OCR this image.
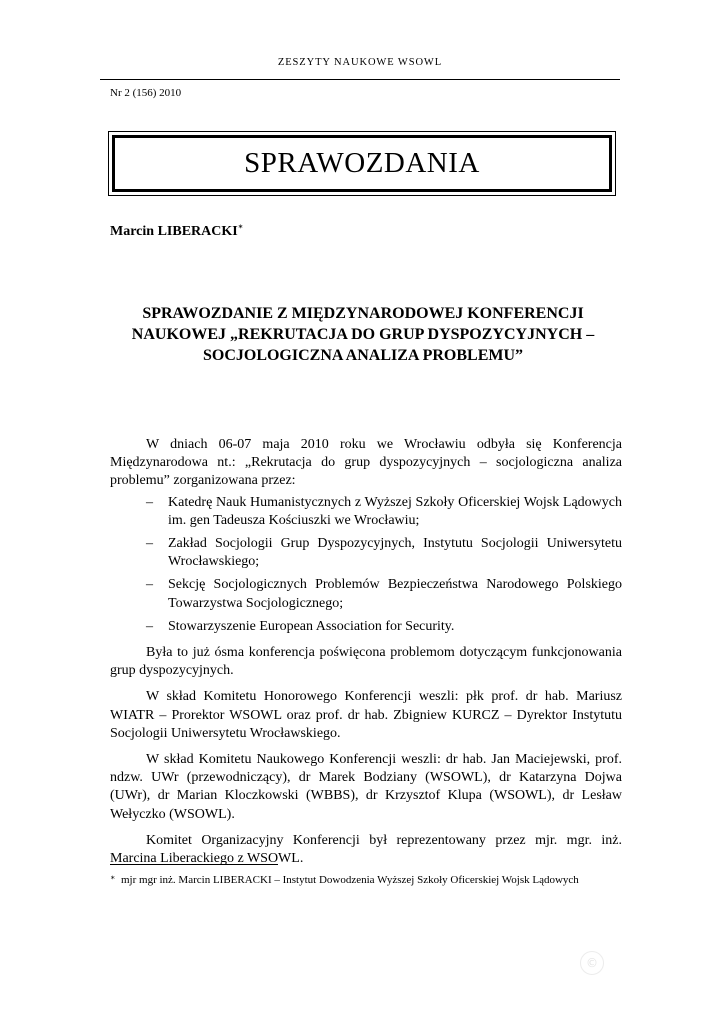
ZESZYTY NAUKOWE WSOWL
Nr 2 (156) 2010
SPRAWOZDANIA
Marcin LIBERACKI∗
SPRAWOZDANIE Z MIĘDZYNARODOWEJ KONFERENCJI
NAUKOWEJ „REKRUTACJA DO GRUP DYSPOZYCYJNYCH –
SOCJOLOGICZNA ANALIZA PROBLEMU”

W dniach 06-07 maja 2010 roku we Wrocławiu odbyła się Konferencja Międzynarodowa nt.: „Rekrutacja do grup dyspozycyjnych – socjologiczna analiza problemu” zorganizowana przez:

– Katedrę Nauk Humanistycznych z Wyższej Szkoły Oficerskiej Wojsk Lądowych im. gen Tadeusza Kościuszki we Wrocławiu;
– Zakład Socjologii Grup Dyspozycyjnych, Instytutu Socjologii Uniwersytetu Wrocławskiego;
– Sekcję Socjologicznych Problemów Bezpieczeństwa Narodowego Polskiego Towarzystwa Socjologicznego;
– Stowarzyszenie European Association for Security.

Była to już ósma konferencja poświęcona problemom dotyczącym funkcjonowania grup dyspozycyjnych.

W skład Komitetu Honorowego Konferencji weszli: płk prof. dr hab. Mariusz WIATR – Prorektor WSOWL oraz prof. dr hab. Zbigniew KURCZ – Dyrektor Instytutu Socjologii Uniwersytetu Wrocławskiego.

W skład Komitetu Naukowego Konferencji weszli: dr hab. Jan Maciejewski, prof. ndzw. UWr (przewodniczący), dr Marek Bodziany (WSOWL), dr Katarzyna Dojwa (UWr), dr Marian Kloczkowski (WBBS), dr Krzysztof Klupa (WSOWL), dr Lesław Wełyczko (WSOWL).

Komitet Organizacyjny Konferencji był reprezentowany przez mjr. mgr. inż. Marcina Liberackiego z WSOWL.

∗ mjr mgr inż. Marcin LIBERACKI – Instytut Dowodzenia Wyższej Szkoły Oficerskiej Wojsk Lądowych
©
